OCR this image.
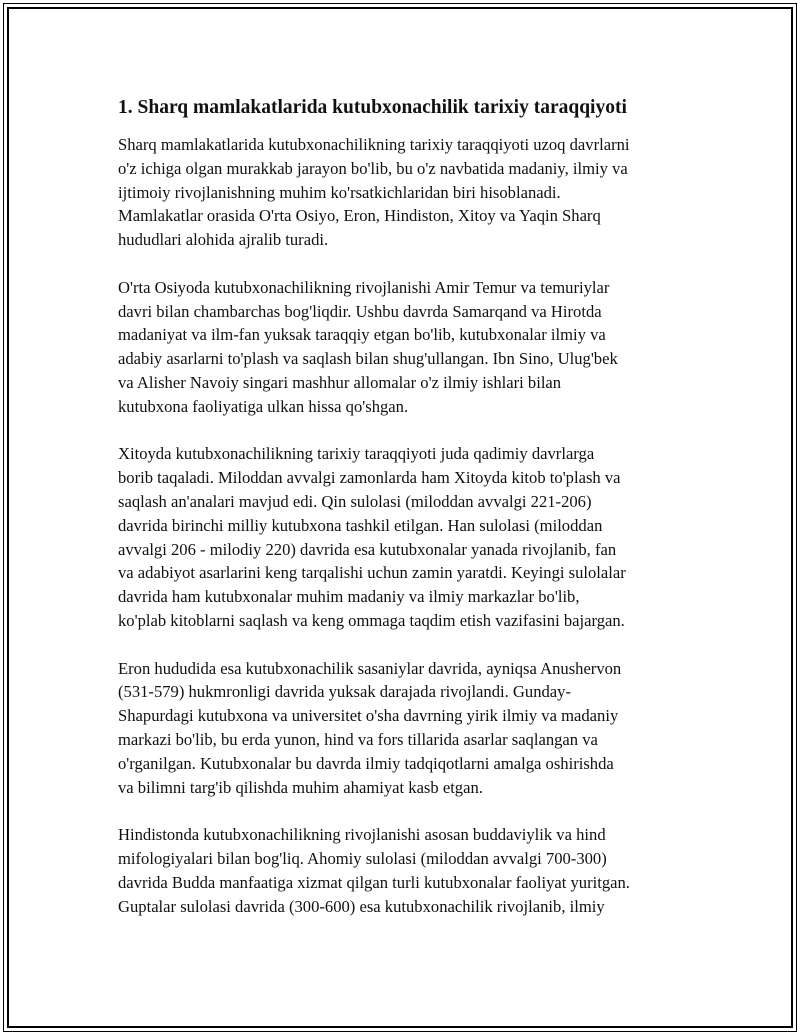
1. Sharq mamlakatlarida kutubxonachilik tarixiy taraqqiyoti

Sharq mamlakatlarida kutubxonachilikning tarixiy taraqqiyoti uzoq davrlarni
o'z ichiga olgan murakkab jarayon bo'lib, bu o'z navbatida madaniy, ilmiy va
ijtimoiy rivojlanishning muhim ko'rsatkichlaridan biri hisoblanadi.
Mamlakatlar orasida O'rta Osiyo, Eron, Hindiston, Xitoy va Yaqin Sharq
hududlari alohida ajralib turadi.

O'rta Osiyoda kutubxonachilikning rivojlanishi Amir Temur va temuriylar
davri bilan chambarchas bog'liqdir. Ushbu davrda Samarqand va Hirotda
madaniyat va ilm-fan yuksak taraqqiy etgan bo'lib, kutubxonalar ilmiy va
adabiy asarlarni to'plash va saqlash bilan shug'ullangan. Ibn Sino, Ulug'bek
va Alisher Navoiy singari mashhur allomalar o'z ilmiy ishlari bilan
kutubxona faoliyatiga ulkan hissa qo'shgan.

Xitoyda kutubxonachilikning tarixiy taraqqiyoti juda qadimiy davrlarga
borib taqaladi. Miloddan avvalgi zamonlarda ham Xitoyda kitob to'plash va
saqlash an'analari mavjud edi. Qin sulolasi (miloddan avvalgi 221-206)
davrida birinchi milliy kutubxona tashkil etilgan. Han sulolasi (miloddan
avvalgi 206 - milodiy 220) davrida esa kutubxonalar yanada rivojlanib, fan
va adabiyot asarlarini keng tarqalishi uchun zamin yaratdi. Keyingi sulolalar
davrida ham kutubxonalar muhim madaniy va ilmiy markazlar bo'lib,
ko'plab kitoblarni saqlash va keng ommaga taqdim etish vazifasini bajargan.

Eron hududida esa kutubxonachilik sasaniylar davrida, ayniqsa Anushervon
(531-579) hukmronligi davrida yuksak darajada rivojlandi. Gunday-
Shapurdagi kutubxona va universitet o'sha davrning yirik ilmiy va madaniy
markazi bo'lib, bu erda yunon, hind va fors tillarida asarlar saqlangan va
o'rganilgan. Kutubxonalar bu davrda ilmiy tadqiqotlarni amalga oshirishda
va bilimni targ'ib qilishda muhim ahamiyat kasb etgan.

Hindistonda kutubxonachilikning rivojlanishi asosan buddaviylik va hind
mifologiyalari bilan bog'liq. Ahomiy sulolasi (miloddan avvalgi 700-300)
davrida Budda manfaatiga xizmat qilgan turli kutubxonalar faoliyat yuritgan.
Guptalar sulolasi davrida (300-600) esa kutubxonachilik rivojlanib, ilmiy
